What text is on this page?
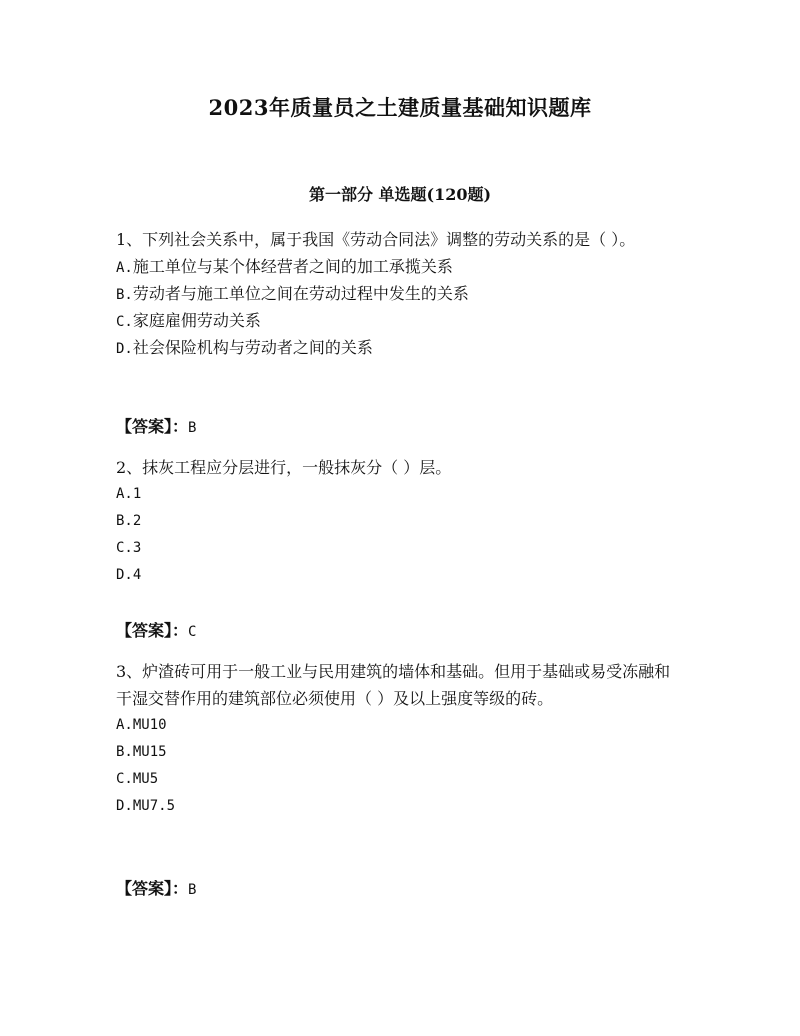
2023年质量员之土建质量基础知识题库
第一部分 单选题(120题)

1、下列社会关系中，属于我国《劳动合同法》调整的劳动关系的是（ ）。

A.施工单位与某个体经营者之间的加工承揽关系
B.劳动者与施工单位之间在劳动过程中发生的关系
C.家庭雇佣劳动关系
D.社会保险机构与劳动者之间的关系
【答案】：B

2、抹灰工程应分层进行，一般抹灰分（ ）层。

A.1
B.2
C.3
D.4
【答案】：C

3、炉渣砖可用于一般工业与民用建筑的墙体和基础。但用于基础或易受冻融和干湿交替作用的建筑部位必须使用（ ）及以上强度等级的砖。

A.MU10
B.MU15
C.MU5
D.MU7.5
【答案】：B
